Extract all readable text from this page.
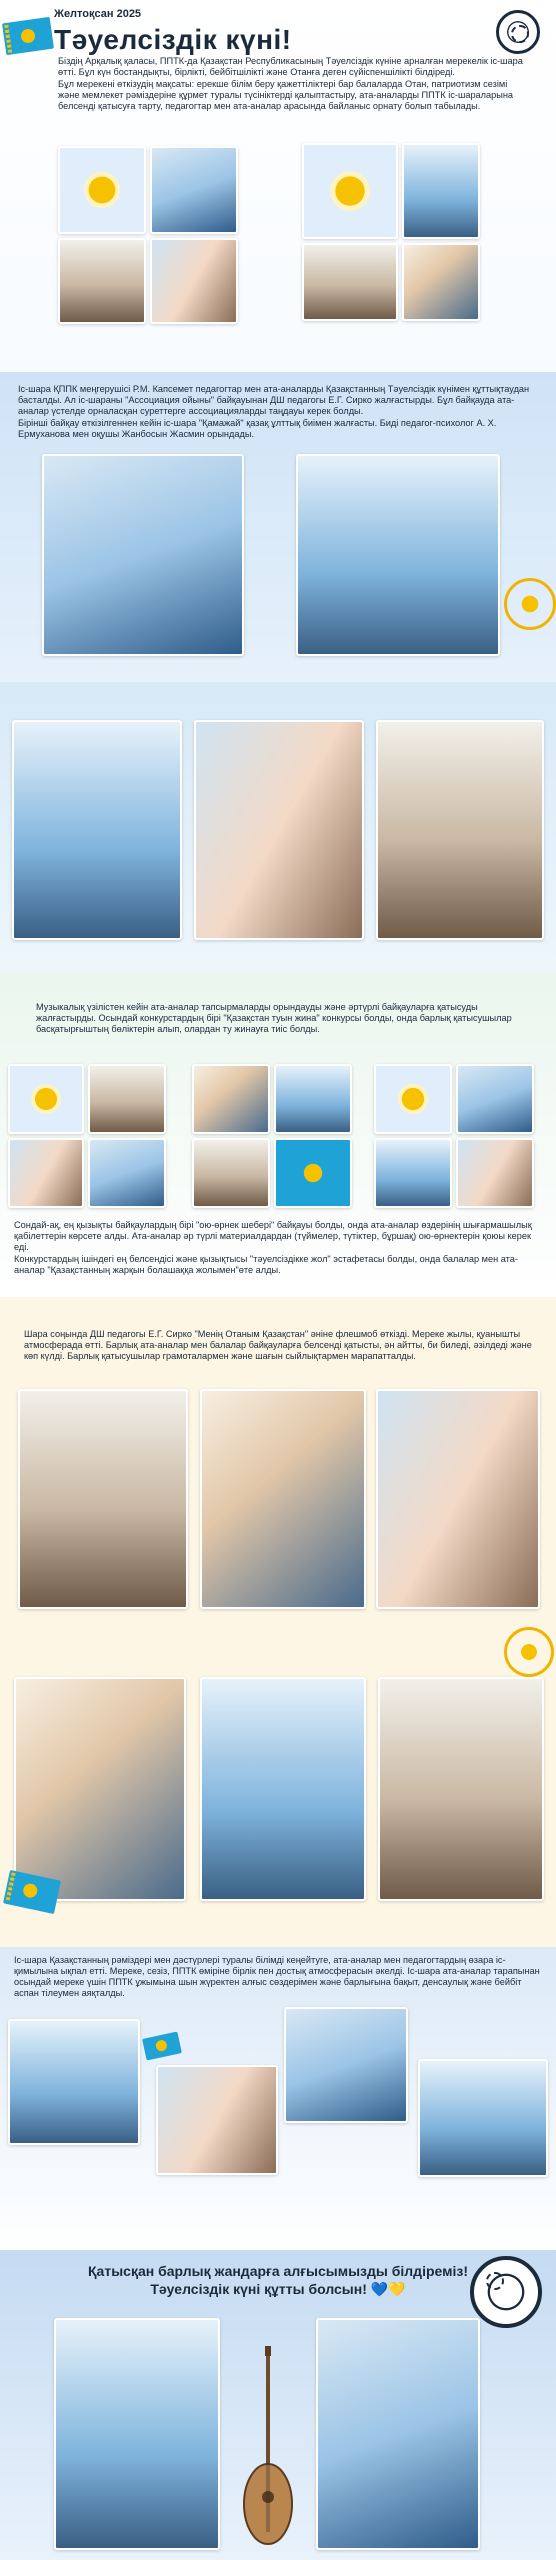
Желтоқсан 2025
Тәуелсіздік күні!

Біздің Арқалық қаласы, ППТК-да Қазақстан Республикасының Тәуелсіздік күніне арналған мерекелік іс-шара өтті. Бұл күн бостандықты, бірлікті, бейбітшілікті және Отанға деген сүйіспеншілікті білдіреді.

Бұл мерекені өткізудің мақсаты: ерекше білім беру қажеттіліктері бар балаларда Отан, патриотизм сезімі және мемлекет рәміздеріне құрмет туралы түсініктерді қалыптастыру, ата-аналарды ППТК іс-шараларына белсенді қатысуға тарту, педагогтар мен ата-аналар арасында байланыс орнату болып табылады.

Іс-шара ҚППК меңгерушісі Р.М. Капсемет педагогтар мен ата-аналарды Қазақстанның Тәуелсіздік күнімен құттықтаудан басталды. Ал іс-шараны "Ассоциация ойыны" байқауынан ДШ педагогы Е.Г. Сирко жалғастырды. Бұл байқауда ата-аналар үстелде орналасқан суреттерге ассоциацияларды таңдауы керек болды.

Бірінші байқау өткізілгеннен кейін іс-шара "Қамажай" қазақ ұлттық биімен жалғасты. Биді педагог-психолог А. Х. Ермуханова мен оқушы Жанбосын Жасмин орындады.

Музыкалық үзілістен кейін ата-аналар тапсырмаларды орындауды және әртүрлі байқауларға қатысуды жалғастырды. Осындай конкурстардың бірі "Қазақстан туын жина" конкурсы болды, онда барлық қатысушылар басқатырғыштың бөліктерін алып, олардан ту жинауға тиіс болды.

Сондай-ақ, ең қызықты байқаулардың бірі "ою-өрнек шебері" байқауы болды, онда ата-аналар өздерінің шығармашылық қабілеттерін көрсете алды. Ата-аналар әр түрлі материалдардан (түймелер, түтіктер, бұршақ) ою-өрнектерін қоюы керек еді.

Конкурстардың ішіндегі ең белсендісі және қызықтысы "тәуелсіздікке жол" эстафетасы болды, онда балалар мен ата-аналар "Қазақстанның жарқын болашаққа жолымен"өте алды.

Шара соңында ДШ педагогы Е.Г. Сирко "Менің Отаным Қазақстан" әніне флешмоб өткізді. Мереке жылы, қуанышты атмосферада өтті. Барлық ата-аналар мен балалар байқауларға белсенді қатысты, ән айтты, би биледі, әзілдеді және көп күлді. Барлық қатысушылар грамоталармен және шағын сыйлықтармен марапатталды.

Іс-шара Қазақстанның рәміздері мен дәстүрлері туралы білімді кеңейтуге, ата-аналар мен педагогтардың өзара іс-қимылына ықпал етті. Мереке, сезіз, ППТК өміріне бірлік пен достық атмосферасын әкелді. Іс-шара ата-аналар тарапынан осындай мереке үшін ППТК ұжымына шын жүректен алғыс сөздерімен және барлығына бақыт, денсаулық және бейбіт аспан тілеумен аяқталды.

Қатысқан барлық жандарға алғысымызды білдіреміз!
Тәуелсіздік күні құтты болсын! 💙💛
